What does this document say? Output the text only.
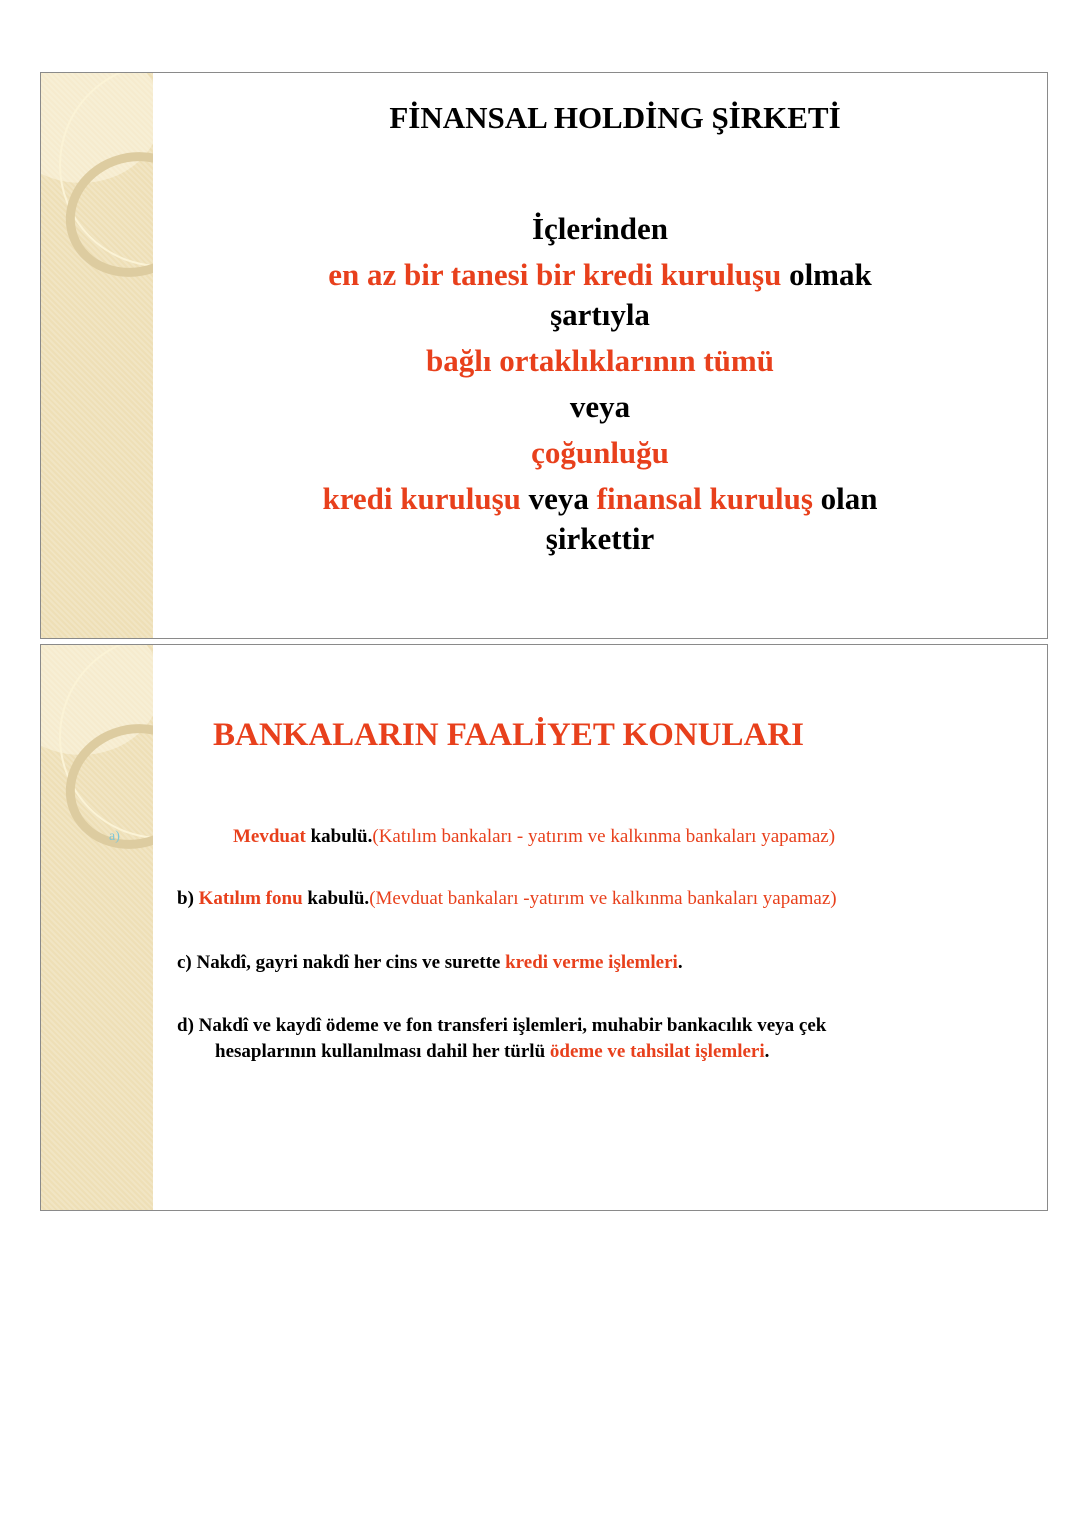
FİNANSAL HOLDİNG ŞİRKETİ
İçlerinden
en az bir tanesi bir kredi kuruluşu olmak
şartıyla
bağlı ortaklıklarının tümü
veya
çoğunluğu
kredi kuruluşu veya finansal kuruluş olan
şirkettir
a)
BANKALARIN FAALİYET KONULARI
Mevduat kabulü.(Katılım bankaları - yatırım ve kalkınma bankaları yapamaz)
b) Katılım fonu kabulü.(Mevduat bankaları -yatırım ve kalkınma bankaları yapamaz)
c) Nakdî, gayri nakdî her cins ve surette kredi verme işlemleri.
d) Nakdî ve kaydî ödeme ve fon transferi işlemleri, muhabir bankacılık veya çek
hesaplarının kullanılması dahil her türlü ödeme ve tahsilat işlemleri.
